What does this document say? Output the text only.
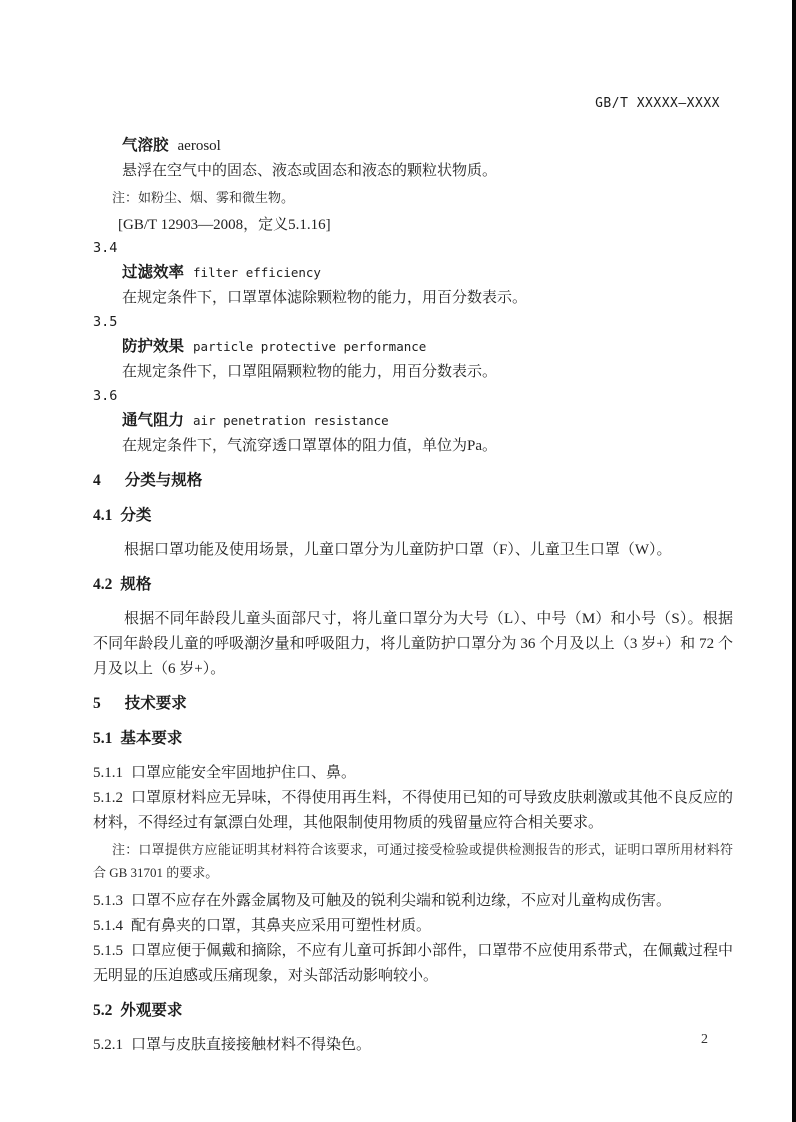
GB/T XXXXX—XXXX
气溶胶 aerosol
悬浮在空气中的固态、液态或固态和液态的颗粒状物质。
注：如粉尘、烟、雾和微生物。
[GB/T 12903—2008，定义5.1.16]
3.4
过滤效率 filter efficiency
在规定条件下，口罩罩体滤除颗粒物的能力，用百分数表示。
3.5
防护效果 particle protective performance
在规定条件下，口罩阻隔颗粒物的能力，用百分数表示。
3.6
通气阻力 air penetration resistance
在规定条件下，气流穿透口罩罩体的阻力值，单位为Pa。
4 分类与规格
4.1 分类
根据口罩功能及使用场景，儿童口罩分为儿童防护口罩（F）、儿童卫生口罩（W）。
4.2 规格
根据不同年龄段儿童头面部尺寸，将儿童口罩分为大号（L）、中号（M）和小号（S）。根据不同年龄段儿童的呼吸潮汐量和呼吸阻力，将儿童防护口罩分为 36 个月及以上（3 岁+）和 72 个月及以上（6 岁+）。
5 技术要求
5.1 基本要求
5.1.1 口罩应能安全牢固地护住口、鼻。
5.1.2 口罩原材料应无异味，不得使用再生料，不得使用已知的可导致皮肤刺激或其他不良反应的材料，不得经过有氯漂白处理，其他限制使用物质的残留量应符合相关要求。
注：口罩提供方应能证明其材料符合该要求，可通过接受检验或提供检测报告的形式，证明口罩所用材料符合 GB 31701 的要求。
5.1.3 口罩不应存在外露金属物及可触及的锐利尖端和锐利边缘，不应对儿童构成伤害。
5.1.4 配有鼻夹的口罩，其鼻夹应采用可塑性材质。
5.1.5 口罩应便于佩戴和摘除，不应有儿童可拆卸小部件，口罩带不应使用系带式，在佩戴过程中无明显的压迫感或压痛现象，对头部活动影响较小。
5.2 外观要求
5.2.1 口罩与皮肤直接接触材料不得染色。	2
